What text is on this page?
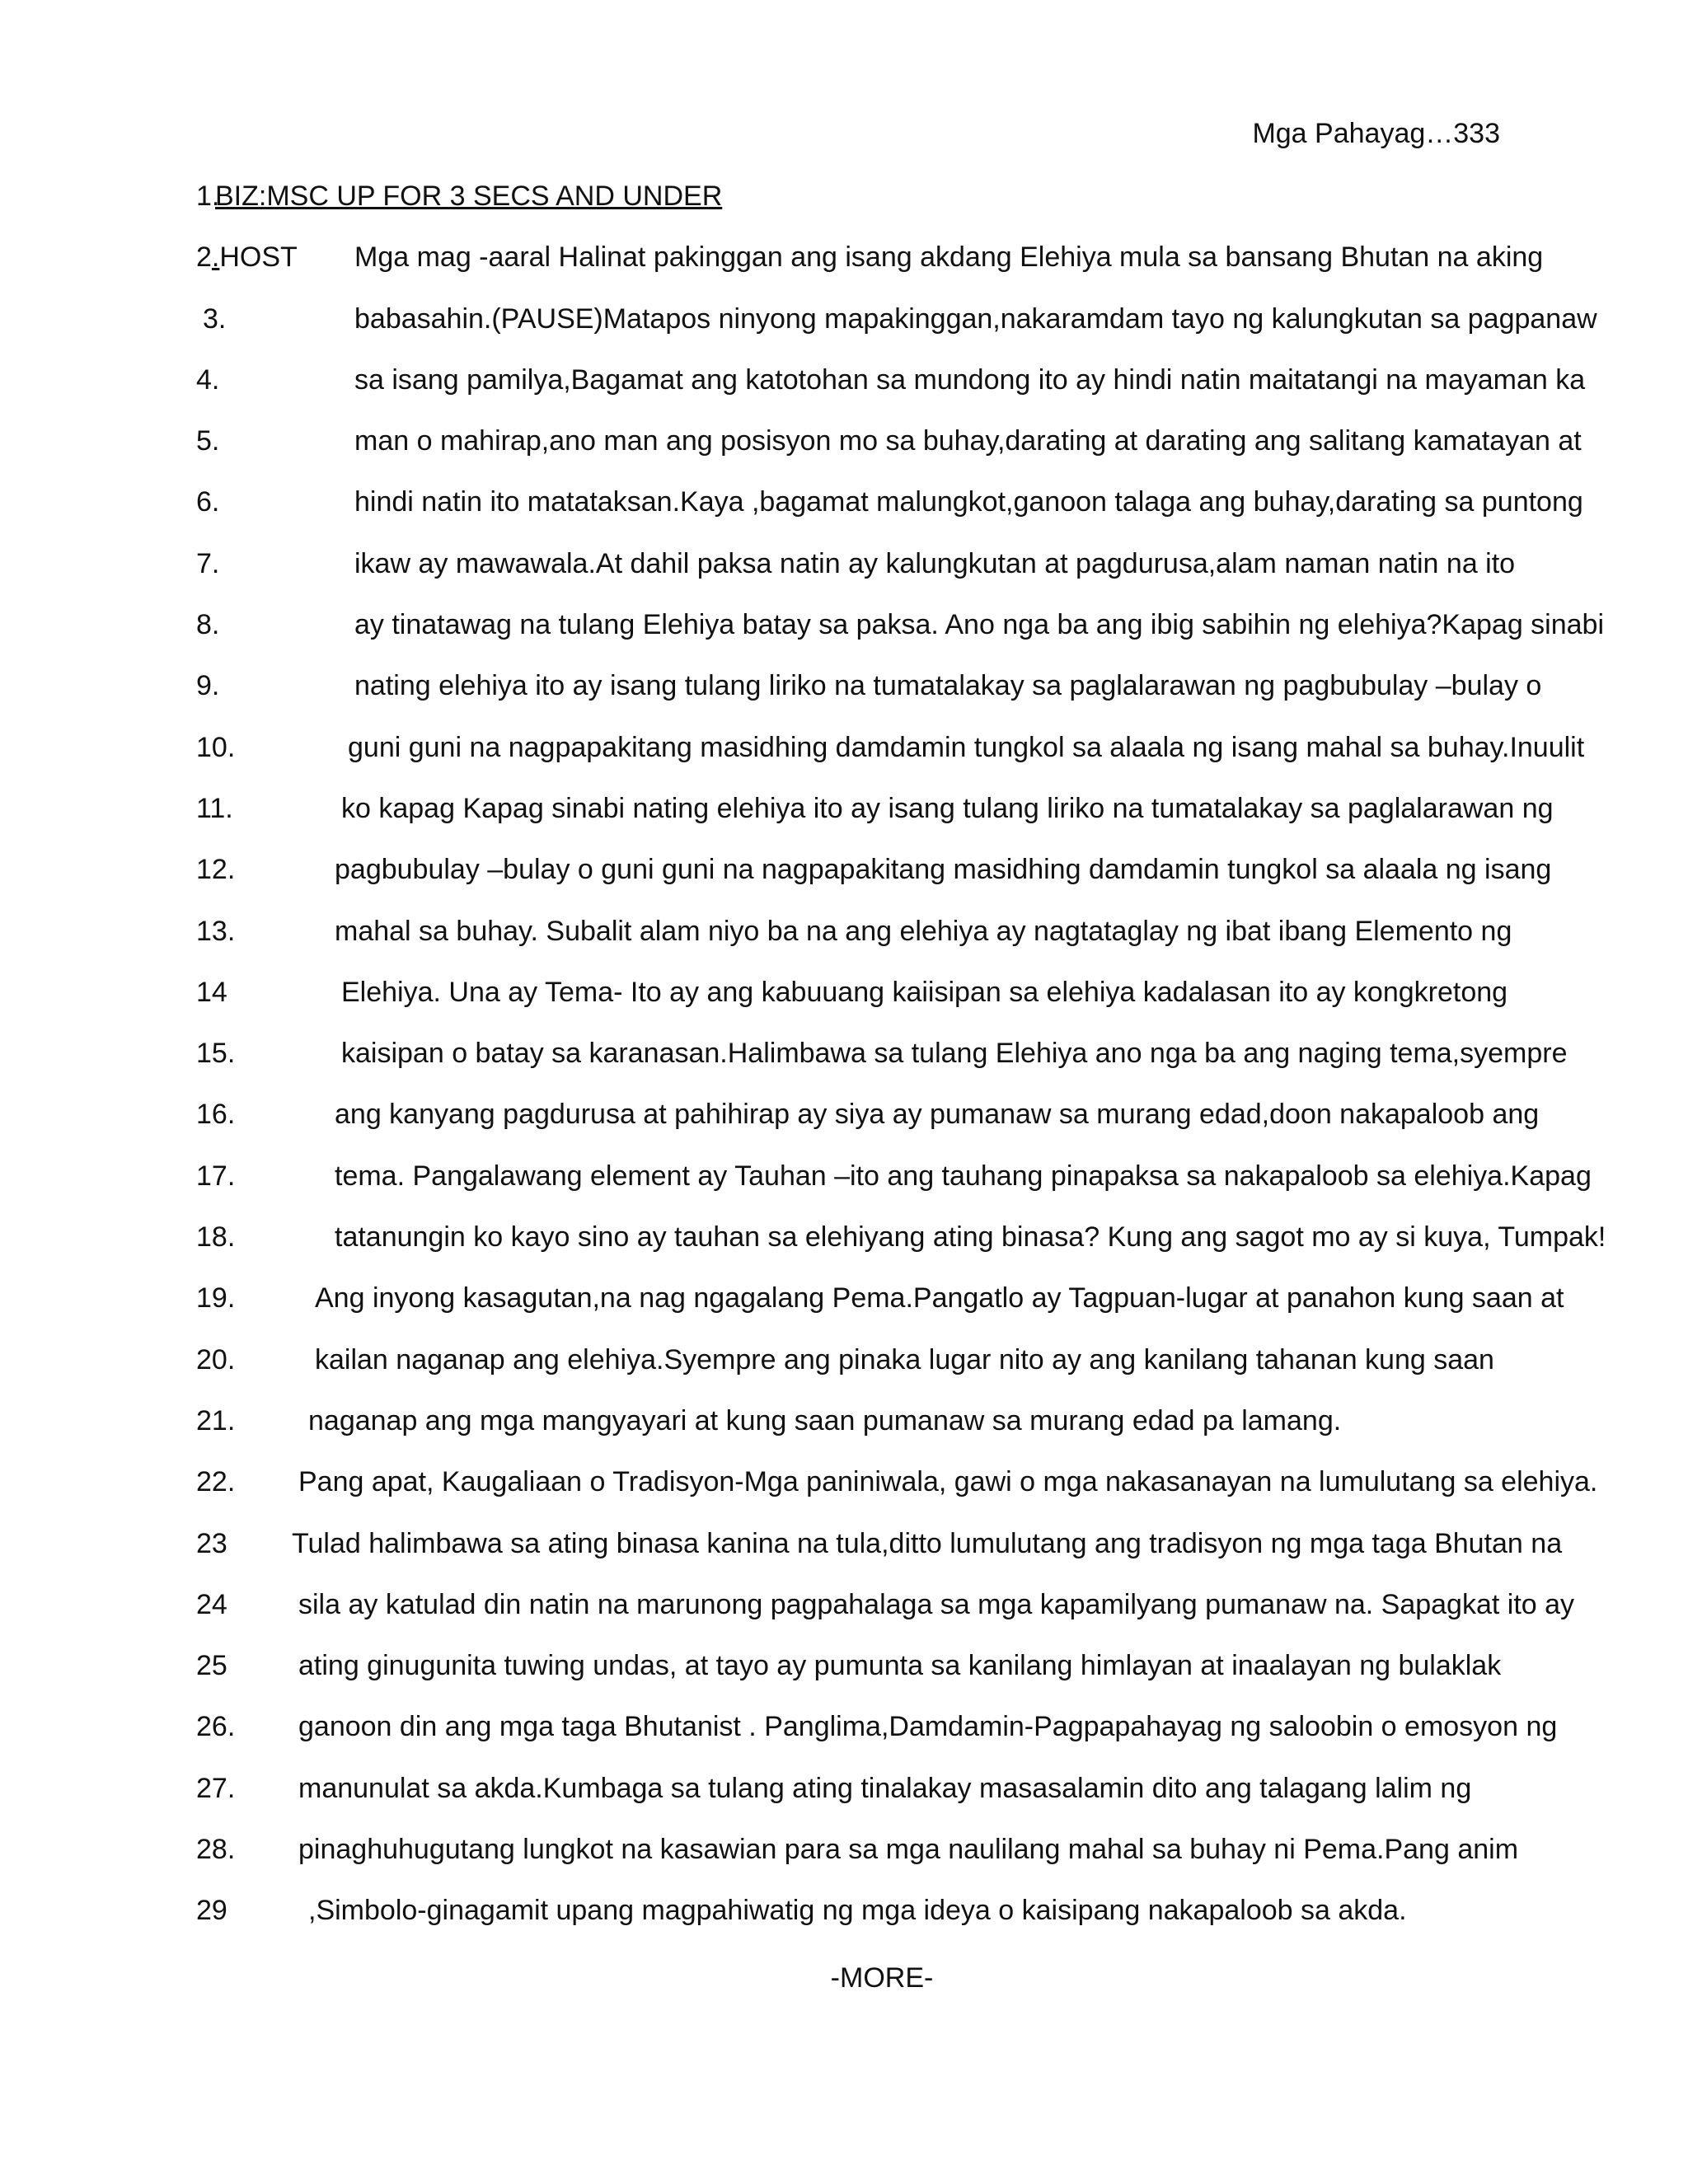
Mga Pahayag…333
1.
BIZ:MSC UP FOR 3 SECS AND UNDER
2.HOST Mga mag -aaral Halinat pakinggan ang isang akdang Elehiya mula sa bansang Bhutan na aking
3.	babasahin.(PAUSE)Matapos ninyong mapakinggan,nakaramdam tayo ng kalungkutan sa pagpanaw
4.	sa isang pamilya,Bagamat ang katotohan sa mundong ito ay hindi natin maitatangi na mayaman ka
5.	man o mahirap,ano man ang posisyon mo sa buhay,darating at darating ang salitang kamatayan at
6.	hindi natin ito matataksan.Kaya ,bagamat malungkot,ganoon talaga ang buhay,darating sa puntong
7.	ikaw ay mawawala.At dahil paksa natin ay kalungkutan at pagdurusa,alam naman natin na ito
8.	ay tinatawag na tulang Elehiya batay sa paksa. Ano nga ba ang ibig sabihin ng elehiya?Kapag sinabi
9.	nating elehiya ito ay isang tulang liriko na tumatalakay sa paglalarawan ng pagbubulay –bulay o
10.	guni guni na nagpapakitang masidhing damdamin tungkol sa alaala ng isang mahal sa buhay.Inuulit
11.	ko kapag Kapag sinabi nating elehiya ito ay isang tulang liriko na tumatalakay sa paglalarawan ng
12.	pagbubulay –bulay o guni guni na nagpapakitang masidhing damdamin tungkol sa alaala ng isang
13.	mahal sa buhay. Subalit alam niyo ba na ang elehiya ay nagtataglay ng ibat ibang Elemento ng
14	Elehiya. Una ay Tema- Ito ay ang kabuuang kaiisipan sa elehiya kadalasan ito ay kongkretong
15.	kaisipan o batay sa karanasan.Halimbawa sa tulang Elehiya ano nga ba ang naging tema,syempre
16.	ang kanyang pagdurusa at pahihirap ay siya ay pumanaw sa murang edad,doon nakapaloob ang
17.	tema. Pangalawang element ay Tauhan –ito ang tauhang pinapaksa sa nakapaloob sa elehiya.Kapag
18.	tatanungin ko kayo sino ay tauhan sa elehiyang ating binasa? Kung ang sagot mo ay si kuya, Tumpak!
19.	Ang inyong kasagutan,na nag ngagalang Pema.Pangatlo ay Tagpuan-lugar at panahon kung saan at
20.	kailan naganap ang elehiya.Syempre ang pinaka lugar nito ay ang kanilang tahanan kung saan
21.	naganap ang mga mangyayari at kung saan pumanaw sa murang edad pa lamang.
22. Pang apat, Kaugaliaan o Tradisyon-Mga paniniwala, gawi o mga nakasanayan na lumulutang sa elehiya.
23 Tulad halimbawa sa ating binasa kanina na tula,ditto lumulutang ang tradisyon ng mga taga Bhutan na
24	sila ay katulad din natin na marunong pagpahalaga sa mga kapamilyang pumanaw na. Sapagkat ito ay
25	ating ginugunita tuwing undas, at tayo ay pumunta sa kanilang himlayan at inaalayan ng bulaklak
26. ganoon din ang mga taga Bhutanist . Panglima,Damdamin-Pagpapahayag ng saloobin o emosyon ng
27. manunulat sa akda.Kumbaga sa tulang ating tinalakay masasalamin dito ang talagang lalim ng
28. pinaghuhugutang lungkot na kasawian para sa mga naulilang mahal sa buhay ni Pema.Pang anim
29	,Simbolo-ginagamit upang magpahiwatig ng mga ideya o kaisipang nakapaloob sa akda.
-MORE-
